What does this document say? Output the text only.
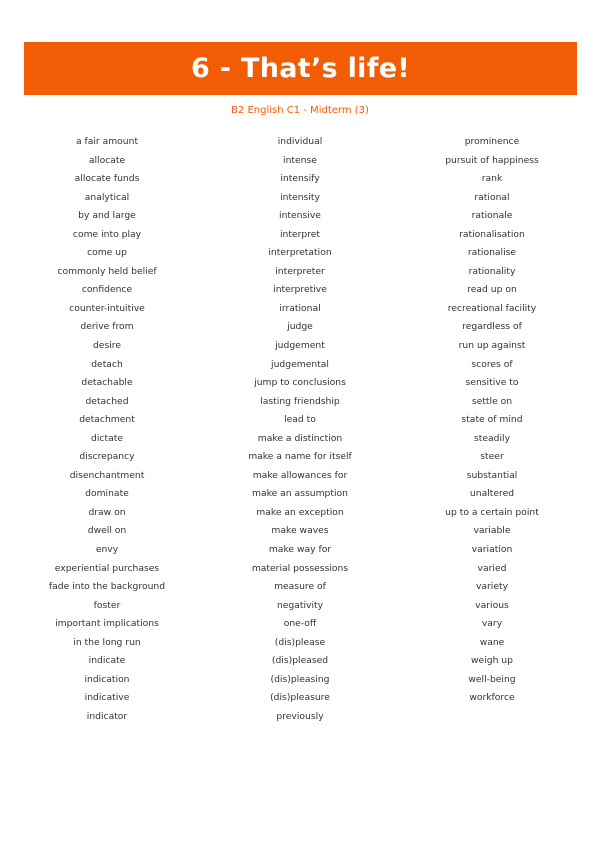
6 - That’s life!
B2 English C1 - Midterm (3)
a fair amount
allocate
allocate funds
analytical
by and large
come into play
come up
commonly held belief
confidence
counter-intuitive
derive from
desire
detach
detachable
detached
detachment
dictate
discrepancy
disenchantment
dominate
draw on
dwell on
envy
experiential purchases
fade into the background
foster
important implications
in the long run
indicate
indication
indicative
indicator
individual
intense
intensify
intensity
intensive
interpret
interpretation
interpreter
interpretive
irrational
judge
judgement
judgemental
jump to conclusions
lasting friendship
lead to
make a distinction
make a name for itself
make allowances for
make an assumption
make an exception
make waves
make way for
material possessions
measure of
negativity
one-off
(dis)please
(dis)pleased
(dis)pleasing
(dis)pleasure
previously
prominence
pursuit of happiness
rank
rational
rationale
rationalisation
rationalise
rationality
read up on
recreational facility
regardless of
run up against
scores of
sensitive to
settle on
state of mind
steadily
steer
substantial
unaltered
up to a certain point
variable
variation
varied
variety
various
vary
wane
weigh up
well-being
workforce
